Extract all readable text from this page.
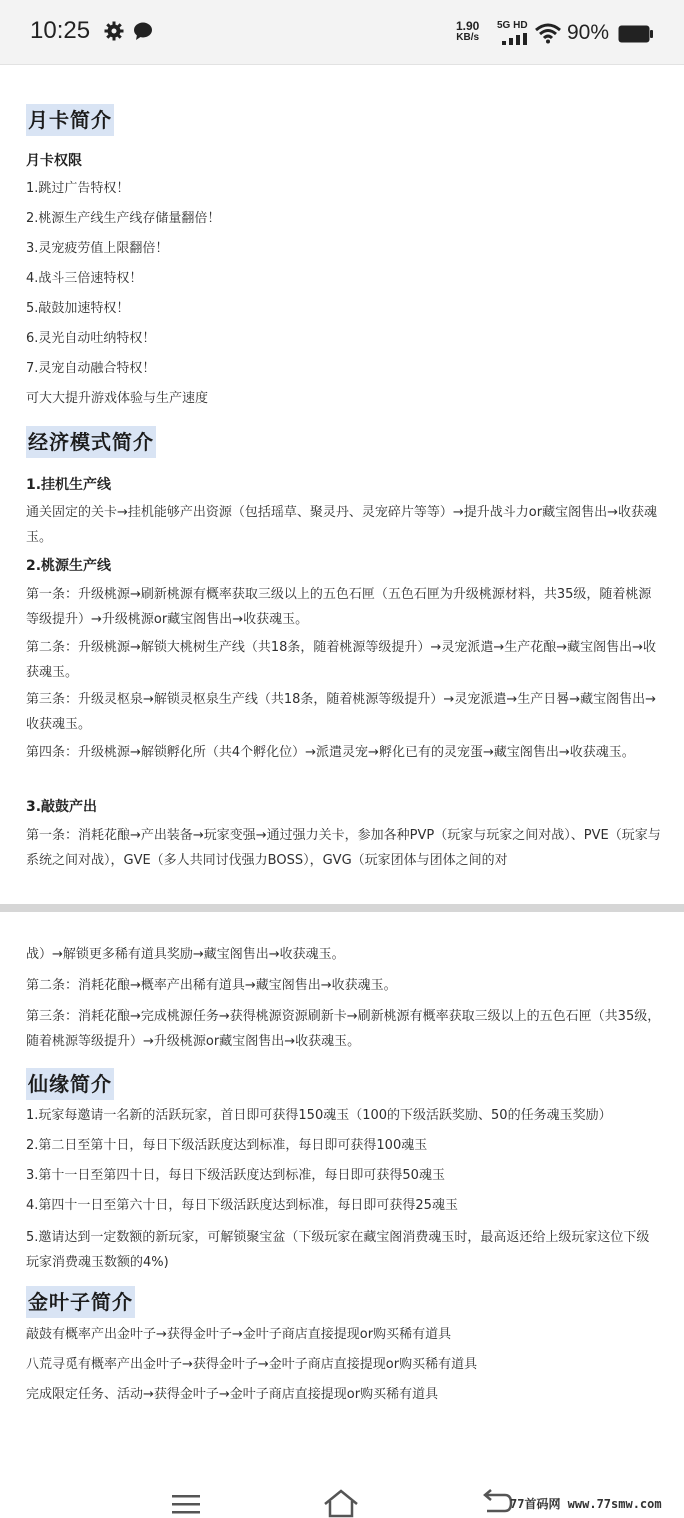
10:25	1.90
KB/s
5G HD 90%
月卡简介
月卡权限
1.跳过广告特权！
2.桃源生产线生产线存储量翻倍！
3.灵宠疲劳值上限翻倍！
4.战斗三倍速特权！
5.敲鼓加速特权！
6.灵光自动吐纳特权！
7.灵宠自动融合特权！
可大大提升游戏体验与生产速度
经济模式简介
1.挂机生产线
通关固定的关卡→挂机能够产出资源（包括瑶草、聚灵丹、灵宠碎片等等）→提升战斗力or藏宝阁售出→收获魂玉。
2.桃源生产线
第一条：升级桃源→刷新桃源有概率获取三级以上的五色石匣（五色石匣为升级桃源材料，共35级，随着桃源等级提升）→升级桃源or藏宝阁售出→收获魂玉。
第二条：升级桃源→解锁大桃树生产线（共18条，随着桃源等级提升）→灵宠派遣→生产花酿→藏宝阁售出→收获魂玉。
第三条：升级灵枢泉→解锁灵枢泉生产线（共18条，随着桃源等级提升）→灵宠派遣→生产日晷→藏宝阁售出→收获魂玉。
第四条：升级桃源→解锁孵化所（共4个孵化位）→派遣灵宠→孵化已有的灵宠蛋→藏宝阁售出→收获魂玉。
3.敲鼓产出
第一条：消耗花酿→产出装备→玩家变强→通过强力关卡，参加各种PVP（玩家与玩家之间对战）、PVE（玩家与系统之间对战），GVE（多人共同讨伐强力BOSS），GVG（玩家团体与团体之间的对
战）→解锁更多稀有道具奖励→藏宝阁售出→收获魂玉。
第二条：消耗花酿→概率产出稀有道具→藏宝阁售出→收获魂玉。
第三条：消耗花酿→完成桃源任务→获得桃源资源刷新卡→刷新桃源有概率获取三级以上的五色石匣（共35级，随着桃源等级提升）→升级桃源or藏宝阁售出→收获魂玉。
仙缘简介
1.玩家每邀请一名新的活跃玩家，首日即可获得150魂玉（100的下级活跃奖励、50的任务魂玉奖励）
2.第二日至第十日，每日下级活跃度达到标准，每日即可获得100魂玉
3.第十一日至第四十日，每日下级活跃度达到标准，每日即可获得50魂玉
4.第四十一日至第六十日，每日下级活跃度达到标准，每日即可获得25魂玉
5.邀请达到一定数额的新玩家，可解锁聚宝盆（下级玩家在藏宝阁消费魂玉时，最高返还给上级玩家这位下级玩家消费魂玉数额的4%)
金叶子简介
敲鼓有概率产出金叶子→获得金叶子→金叶子商店直接提现or购买稀有道具
八荒寻觅有概率产出金叶子→获得金叶子→金叶子商店直接提现or购买稀有道具
完成限定任务、活动→获得金叶子→金叶子商店直接提现or购买稀有道具
77首码网 www.77smw.com
